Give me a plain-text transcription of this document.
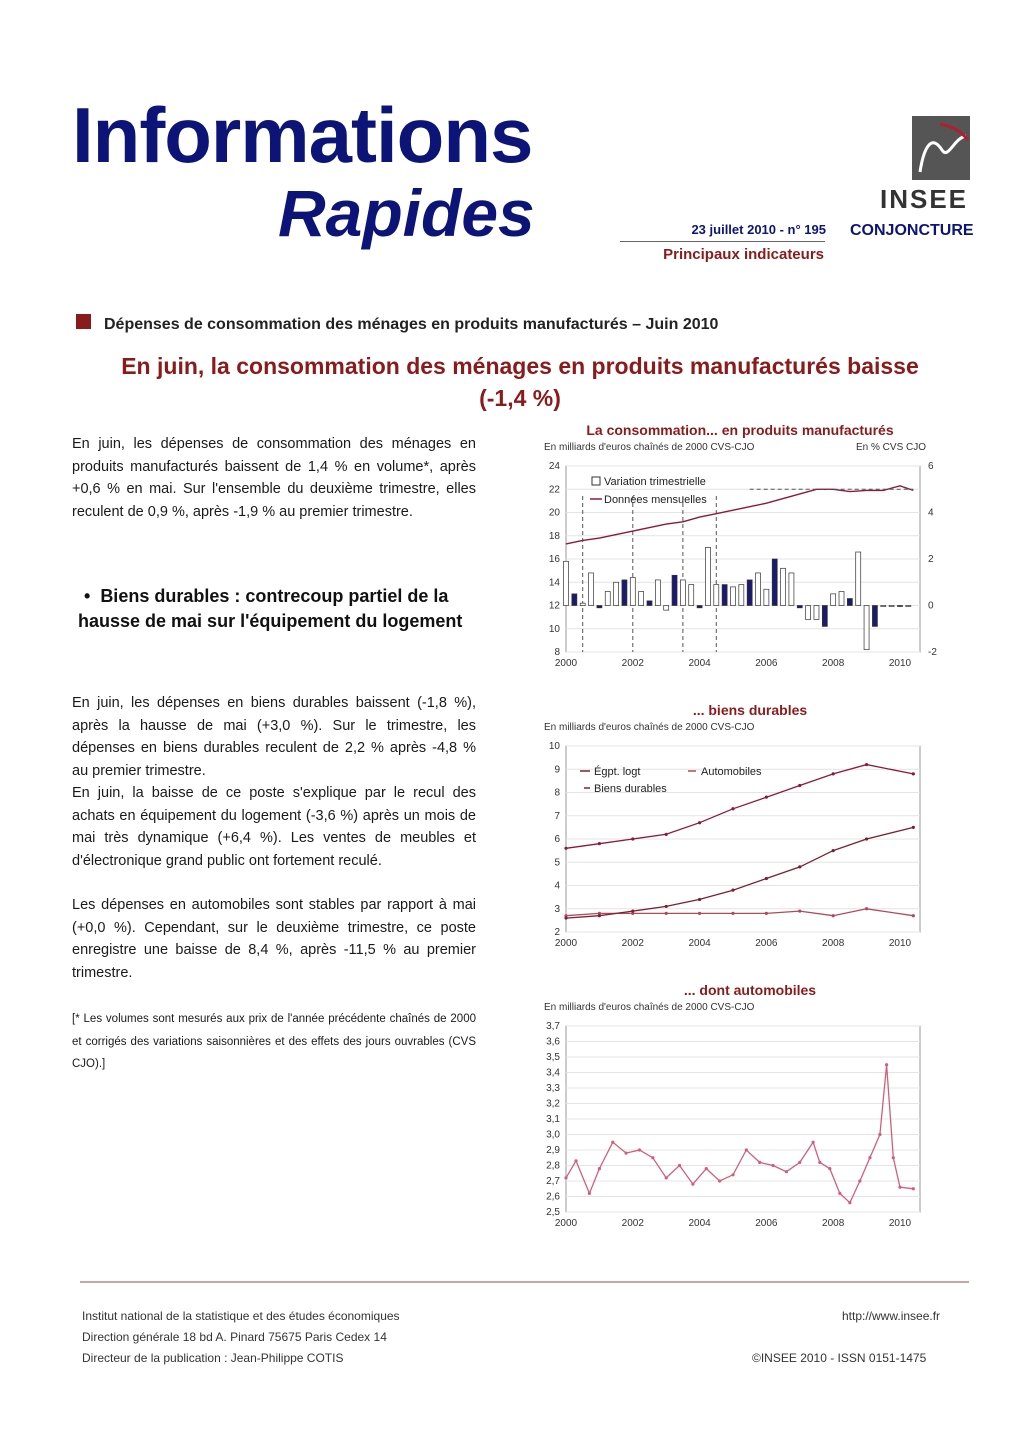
Informations
Rapides	23 juillet 2010 - n° 195
Principaux indicateurs
INSEE
CONJONCTURE
Dépenses de consommation des ménages en produits manufacturés – Juin 2010
En juin, la consommation des ménages en produits manufacturés baisse (-1,4 %)
En juin, les dépenses de consommation des ménages en produits manufacturés baissent de 1,4 % en volume*, après +0,6 % en mai. Sur l'ensemble du deuxième trimestre, elles reculent de 0,9 %, après -1,9 % au premier trimestre.
• Biens durables : contrecoup partiel de la hausse de mai sur l'équipement du logement
En juin, les dépenses en biens durables baissent (-1,8 %), après la hausse de mai (+3,0 %). Sur le trimestre, les dépenses en biens durables reculent de 2,2 % après -4,8 % au premier trimestre.
En juin, la baisse de ce poste s'explique par le recul des achats en équipement du logement (-3,6 %) après un mois de mai très dynamique (+6,4 %). Les ventes de meubles et d'électronique grand public ont fortement reculé.
Les dépenses en automobiles sont stables par rapport à mai (+0,0 %). Cependant, sur le deuxième trimestre, ce poste enregistre une baisse de 8,4 %, après -11,5 % au premier trimestre.
[* Les volumes sont mesurés aux prix de l'année précédente chaînés de 2000 et corrigés des variations saisonnières et des effets des jours ouvrables (CVS CJO).]
La consommation... en produits manufacturés
En milliards d'euros chaînés de 2000 CVS-CJO	En % CVS CJO
24
22
20
18
16
14
12
10
8
2000	2002	2004	2006	2008	2010
6
4
2
0
-2
Variation trimestrielle
Données mensuelles
... biens durables
En milliards d'euros chaînés de 2000 CVS-CJO
10
9
8
7
6
5
4
3
2
2000	2002	2004	2006	2008	2010
Égpt. logt	Automobiles
Biens durables
... dont automobiles
En milliards d'euros chaînés de 2000 CVS-CJO
3,7
3,6
3,5
3,4
3,3
3,2
3,1
3,0
2,9
2,8
2,7
2,6
2,5
2000	2002	2004	2006	2008	2010
Institut national de la statistique et des études économiques
Direction générale 18 bd A. Pinard 75675 Paris Cedex 14
Directeur de la publication : Jean-Philippe COTIS
http://www.insee.fr
©INSEE 2010 - ISSN 0151-1475
